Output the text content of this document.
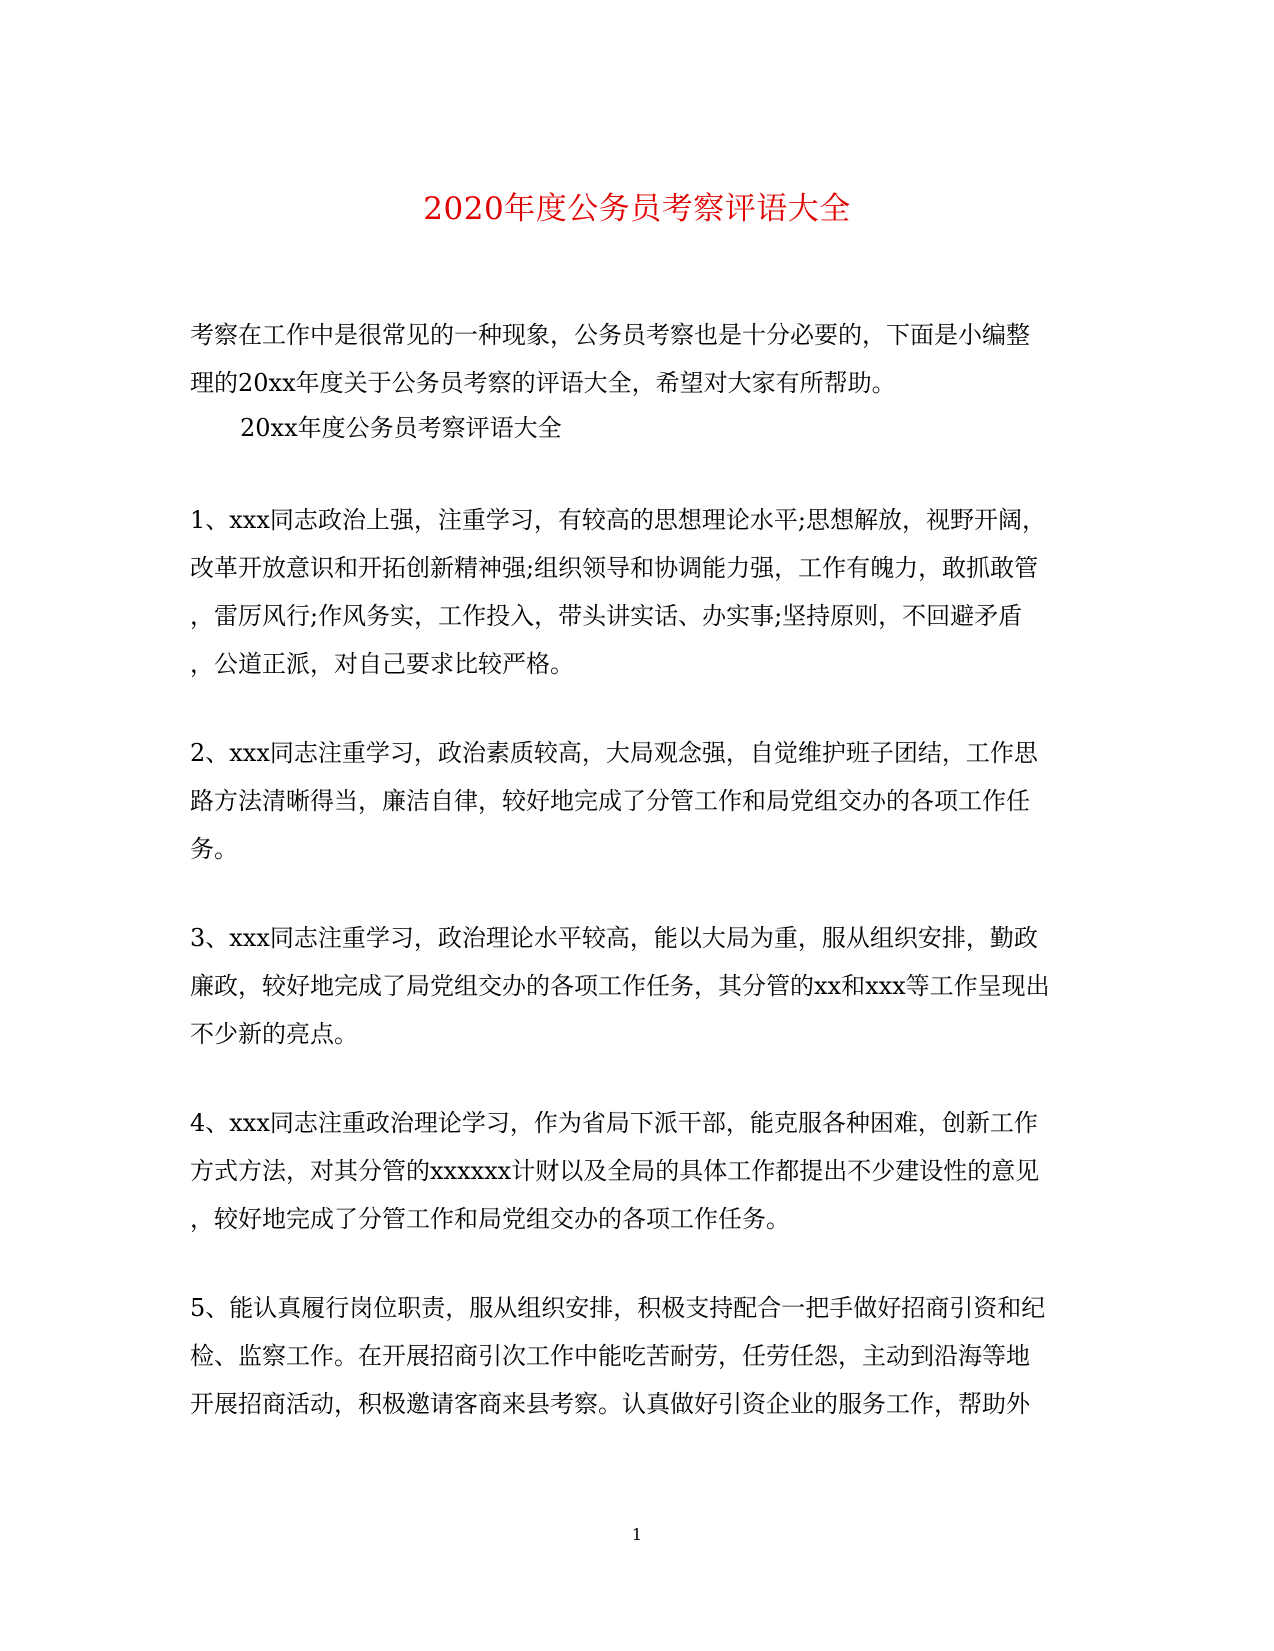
2020年度公务员考察评语大全
考察在工作中是很常见的一种现象，公务员考察也是十分必要的，下面是小编整
理的20xx年度关于公务员考察的评语大全，希望对大家有所帮助。
20xx年度公务员考察评语大全
1、xxx同志政治上强，注重学习，有较高的思想理论水平;思想解放，视野开阔，
改革开放意识和开拓创新精神强;组织领导和协调能力强，工作有魄力，敢抓敢管
，雷厉风行;作风务实，工作投入，带头讲实话、办实事;坚持原则，不回避矛盾
，公道正派，对自己要求比较严格。
2、xxx同志注重学习，政治素质较高，大局观念强，自觉维护班子团结，工作思
路方法清晰得当，廉洁自律，较好地完成了分管工作和局党组交办的各项工作任
务。
3、xxx同志注重学习，政治理论水平较高，能以大局为重，服从组织安排，勤政
廉政，较好地完成了局党组交办的各项工作任务，其分管的xx和xxx等工作呈现出
不少新的亮点。
4、xxx同志注重政治理论学习，作为省局下派干部，能克服各种困难，创新工作
方式方法，对其分管的xxxxxx计财以及全局的具体工作都提出不少建设性的意见
，较好地完成了分管工作和局党组交办的各项工作任务。
5、能认真履行岗位职责，服从组织安排，积极支持配合一把手做好招商引资和纪
检、监察工作。在开展招商引次工作中能吃苦耐劳，任劳任怨，主动到沿海等地
开展招商活动，积极邀请客商来县考察。认真做好引资企业的服务工作，帮助外
1
